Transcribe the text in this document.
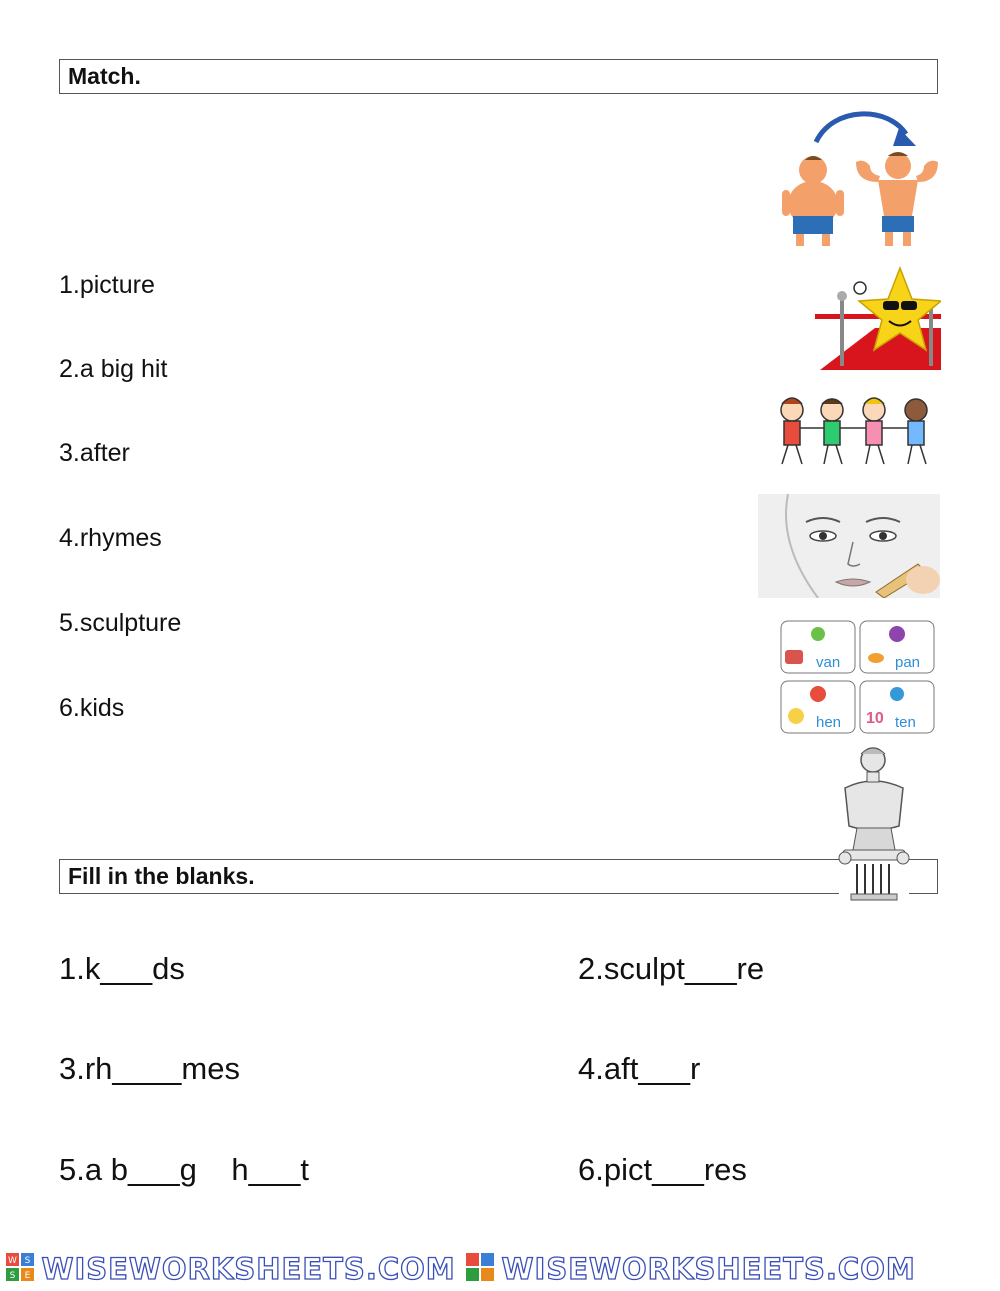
Match.
1.picture
2.a big hit
3.after
4.rhymes
5.sculpture
6.kids
van	pan
hen 10 ten
Fill in the blanks.
1.k___ds	2.sculpt___re
3.rh____mes	4.aft___r
5.a b___g    h___t	6.pict___res
W S
S E WISEWORKSHEETS.COM WISEWORKSHEETS.COM
